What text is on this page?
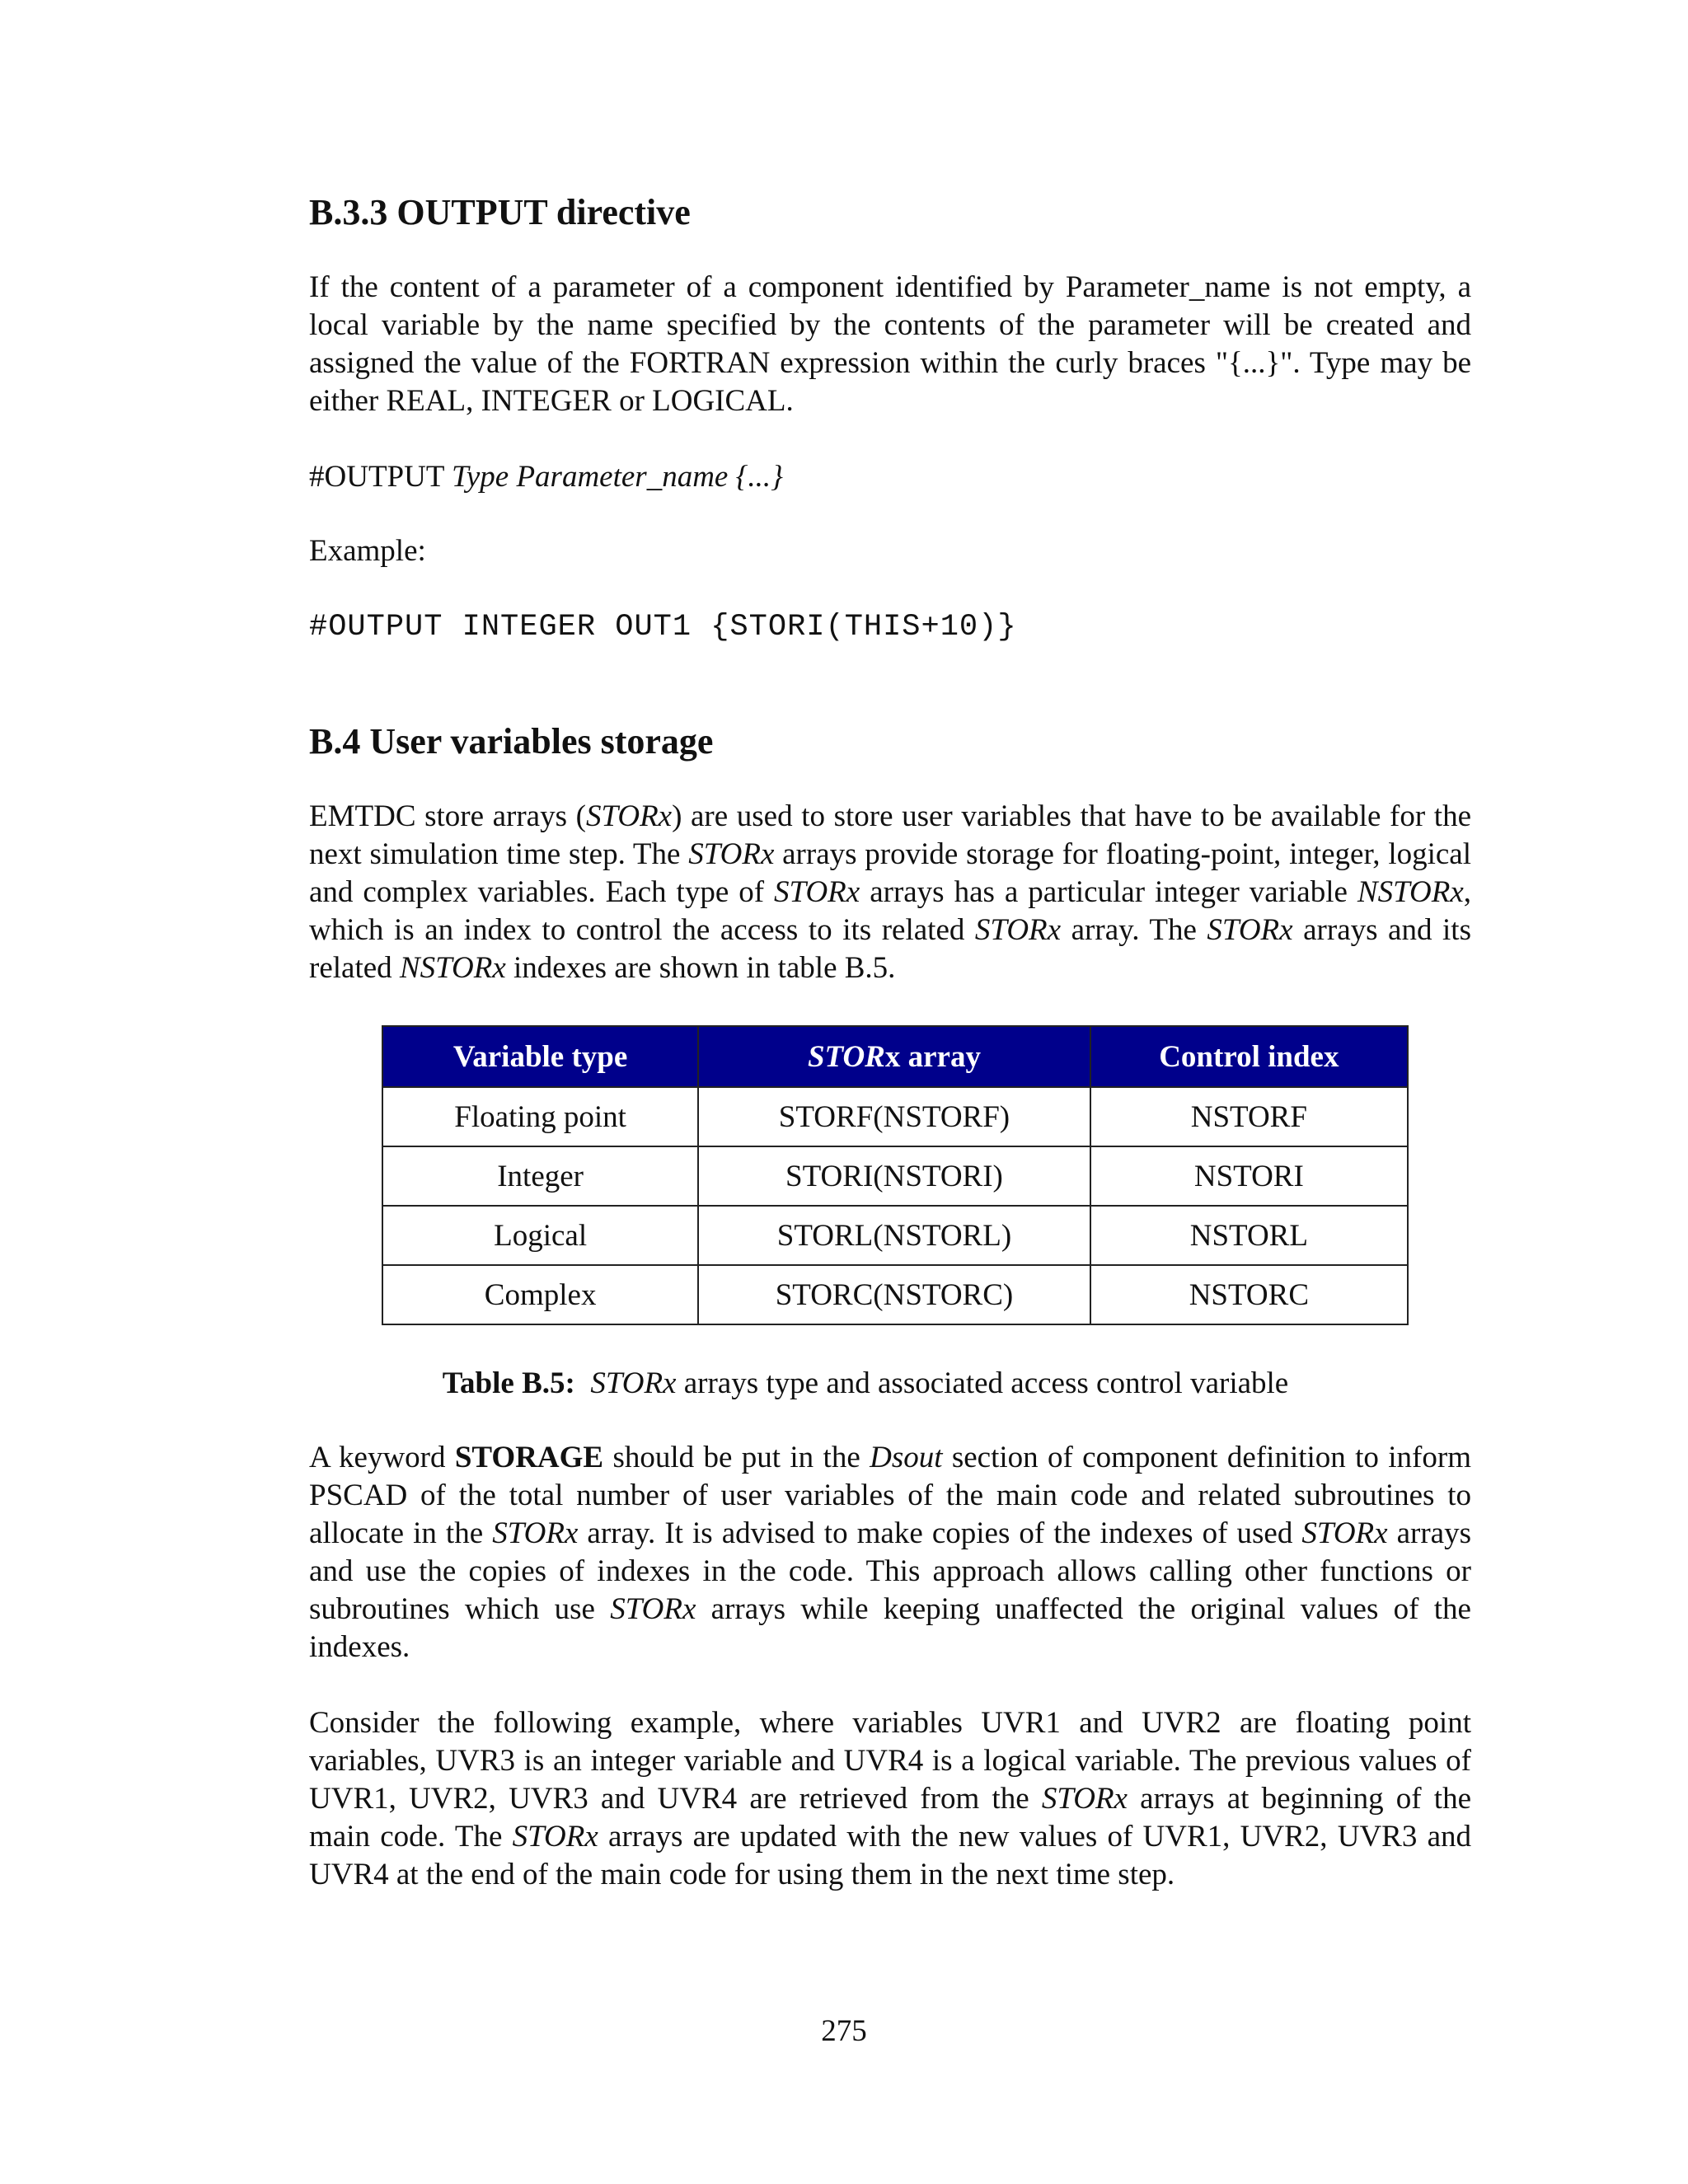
B.3.3 OUTPUT directive

If the content of a parameter of a component identified by Parameter_name is not empty, a local variable by the name specified by the contents of the parameter will be created and assigned the value of the FORTRAN expression within the curly braces "{...}". Type may be either REAL, INTEGER or LOGICAL.

#OUTPUT Type Parameter_name {...}

Example:

#OUTPUT INTEGER OUT1 {STORI(THIS+10)}
B.4 User variables storage

EMTDC store arrays (STORx) are used to store user variables that have to be available for the next simulation time step. The STORx arrays provide storage for floating-point, integer, logical and complex variables. Each type of STORx arrays has a particular integer variable NSTORx, which is an index to control the access to its related STORx array. The STORx arrays and its related NSTORx indexes are shown in table B.5.

Variable type	STORx array	Control index
Floating point	STORF(NSTORF)	NSTORF
Integer	STORI(NSTORI)	NSTORI
Logical	STORL(NSTORL)	NSTORL
Complex	STORC(NSTORC)	NSTORC
Table B.5: STORx arrays type and associated access control variable

A keyword STORAGE should be put in the Dsout section of component definition to inform PSCAD of the total number of user variables of the main code and related subroutines to allocate in the STORx array. It is advised to make copies of the indexes of used STORx arrays and use the copies of indexes in the code. This approach allows calling other functions or subroutines which use STORx arrays while keeping unaffected the original values of the indexes.

Consider the following example, where variables UVR1 and UVR2 are floating point variables, UVR3 is an integer variable and UVR4 is a logical variable. The previous values of UVR1, UVR2, UVR3 and UVR4 are retrieved from the STORx arrays at beginning of the main code. The STORx arrays are updated with the new values of UVR1, UVR2, UVR3 and UVR4 at the end of the main code for using them in the next time step.

275
